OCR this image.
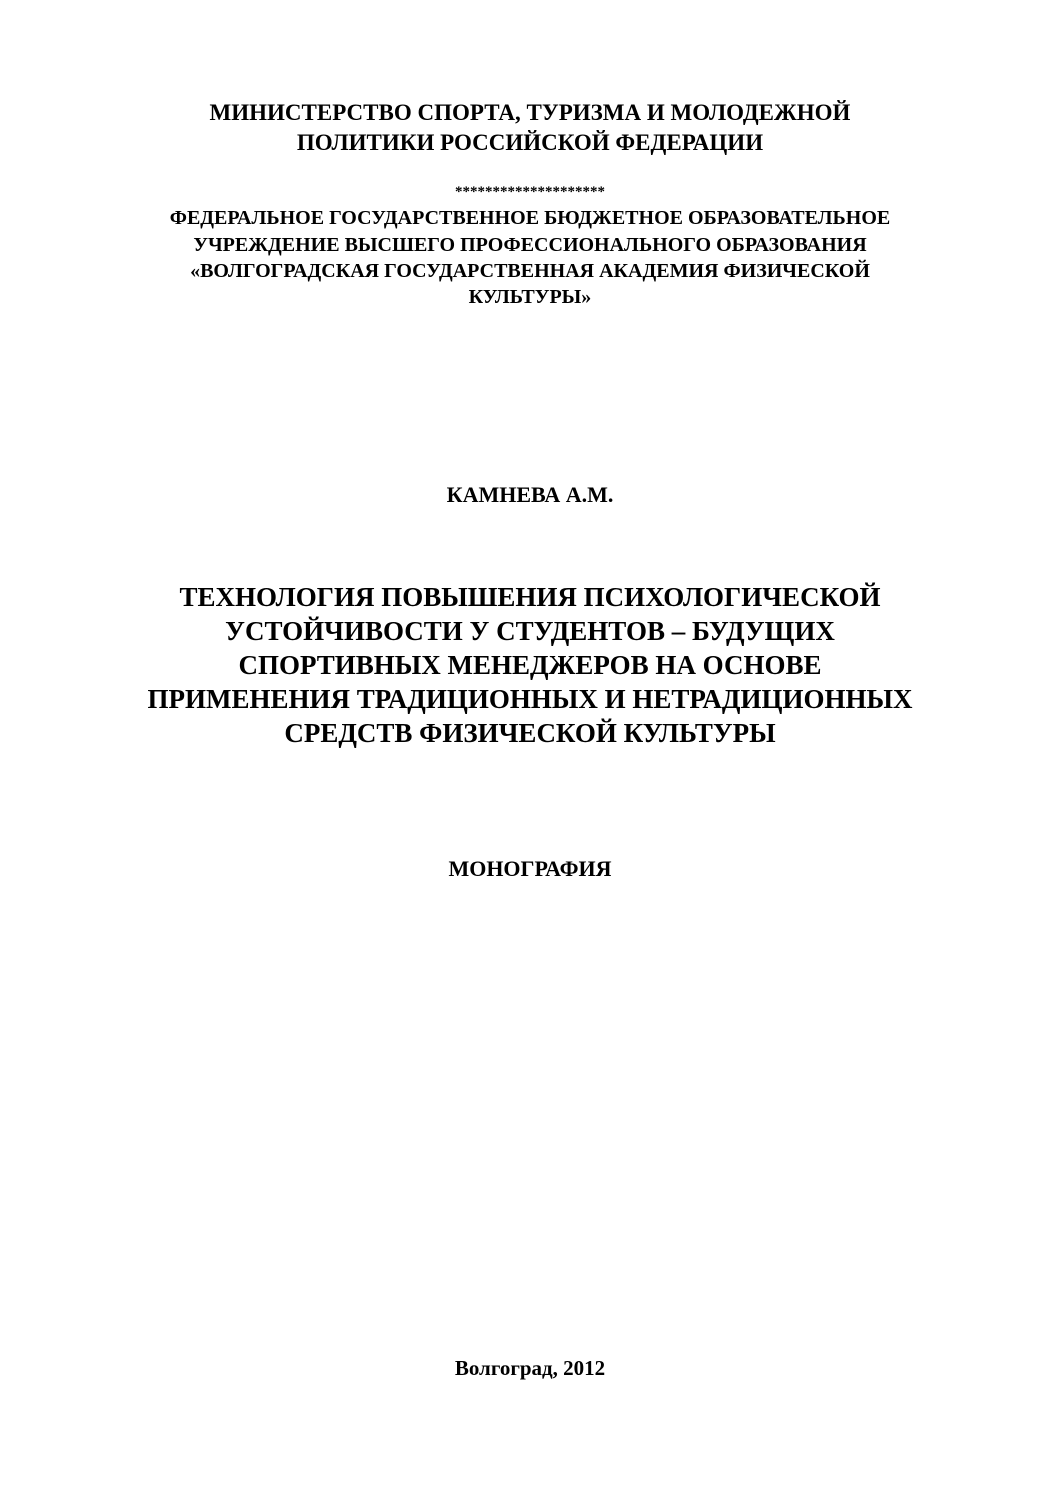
МИНИСТЕРСТВО СПОРТА, ТУРИЗМА И МОЛОДЕЖНОЙ
ПОЛИТИКИ РОССИЙСКОЙ ФЕДЕРАЦИИ
********************
ФЕДЕРАЛЬНОЕ ГОСУДАРСТВЕННОЕ БЮДЖЕТНОЕ ОБРАЗОВАТЕЛЬНОЕ
УЧРЕЖДЕНИЕ ВЫСШЕГО ПРОФЕССИОНАЛЬНОГО ОБРАЗОВАНИЯ
«ВОЛГОГРАДСКАЯ ГОСУДАРСТВЕННАЯ АКАДЕМИЯ ФИЗИЧЕСКОЙ
КУЛЬТУРЫ»
КАМНЕВА А.М.
ТЕХНОЛОГИЯ ПОВЫШЕНИЯ ПСИХОЛОГИЧЕСКОЙ
УСТОЙЧИВОСТИ У СТУДЕНТОВ – БУДУЩИХ
СПОРТИВНЫХ МЕНЕДЖЕРОВ НА ОСНОВЕ
ПРИМЕНЕНИЯ ТРАДИЦИОННЫХ И НЕТРАДИЦИОННЫХ
СРЕДСТВ ФИЗИЧЕСКОЙ КУЛЬТУРЫ
МОНОГРАФИЯ
Волгоград, 2012
